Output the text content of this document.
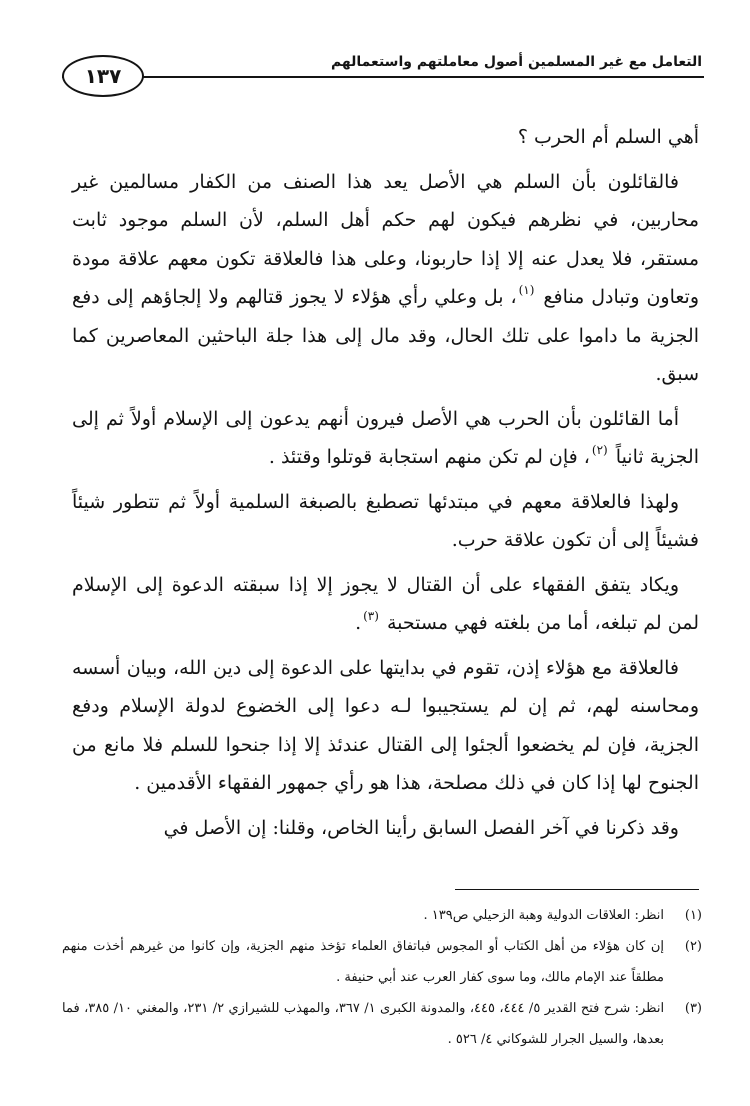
التعامل مع غير المسلمين أصول معاملتهم واستعمالهم
١٣٧

أهي السلم أم الحرب ؟

فالقائلون بأن السلم هي الأصل يعد هذا الصنف من الكفار مسالمين غير محاربين، في نظرهم فيكون لهم حكم أهل السلم، لأن السلم موجود ثابت مستقر، فلا يعدل عنه إلا إذا حاربونا، وعلى هذا فالعلاقة تكون معهم علاقة مودة وتعاون وتبادل منافع $^{(١)}$، بل وعلي رأي هؤلاء لا يجوز قتالهم ولا إلجاؤهم إلى دفع الجزية ما داموا على تلك الحال، وقد مال إلى هذا جلة الباحثين المعاصرين كما سبق.

أما القائلون بأن الحرب هي الأصل فيرون أنهم يدعون إلى الإسلام أولاً ثم إلى الجزية ثانياً $^{(٢)}$، فإن لم تكن منهم استجابة قوتلوا وقتئذ .

ولهذا فالعلاقة معهم في مبتدئها تصطبغ بالصبغة السلمية أولاً ثم تتطور شيئاً فشيئاً إلى أن تكون علاقة حرب.

ويكاد يتفق الفقهاء على أن القتال لا يجوز إلا إذا سبقته الدعوة إلى الإسلام لمن لم تبلغه، أما من بلغته فهي مستحبة $^{(٣)}$.

فالعلاقة مع هؤلاء إذن، تقوم في بدايتها على الدعوة إلى دين الله، وبيان أسسه ومحاسنه لهم، ثم إن لم يستجيبوا لـه دعوا إلى الخضوع لدولة الإسلام ودفع الجزية، فإن لم يخضعوا ألجئوا إلى القتال عندئذ إلا إذا جنحوا للسلم فلا مانع من الجنوح لها إذا كان في ذلك مصلحة، هذا هو رأي جمهور الفقهاء الأقدمين .

وقد ذكرنا في آخر الفصل السابق رأينا الخاص، وقلنا: إن الأصل في

(١)
انظر: العلاقات الدولية وهبة الزحيلي ص١٣٩ .
(٢)
إن كان هؤلاء من أهل الكتاب أو المجوس فباتفاق العلماء تؤخذ منهم الجزية، وإن كانوا من غيرهم أخذت منهم مطلقاً عند الإمام مالك، وما سوى كفار العرب عند أبي حنيفة .
(٣)
انظر: شرح فتح القدير ٥/ ٤٤٤، ٤٤٥، والمدونة الكبرى ١/ ٣٦٧، والمهذب للشيرازي ٢/ ٢٣١، والمغني ١٠/ ٣٨٥، فما بعدها، والسيل الجرار للشوكاني ٤/ ٥٢٦ .
